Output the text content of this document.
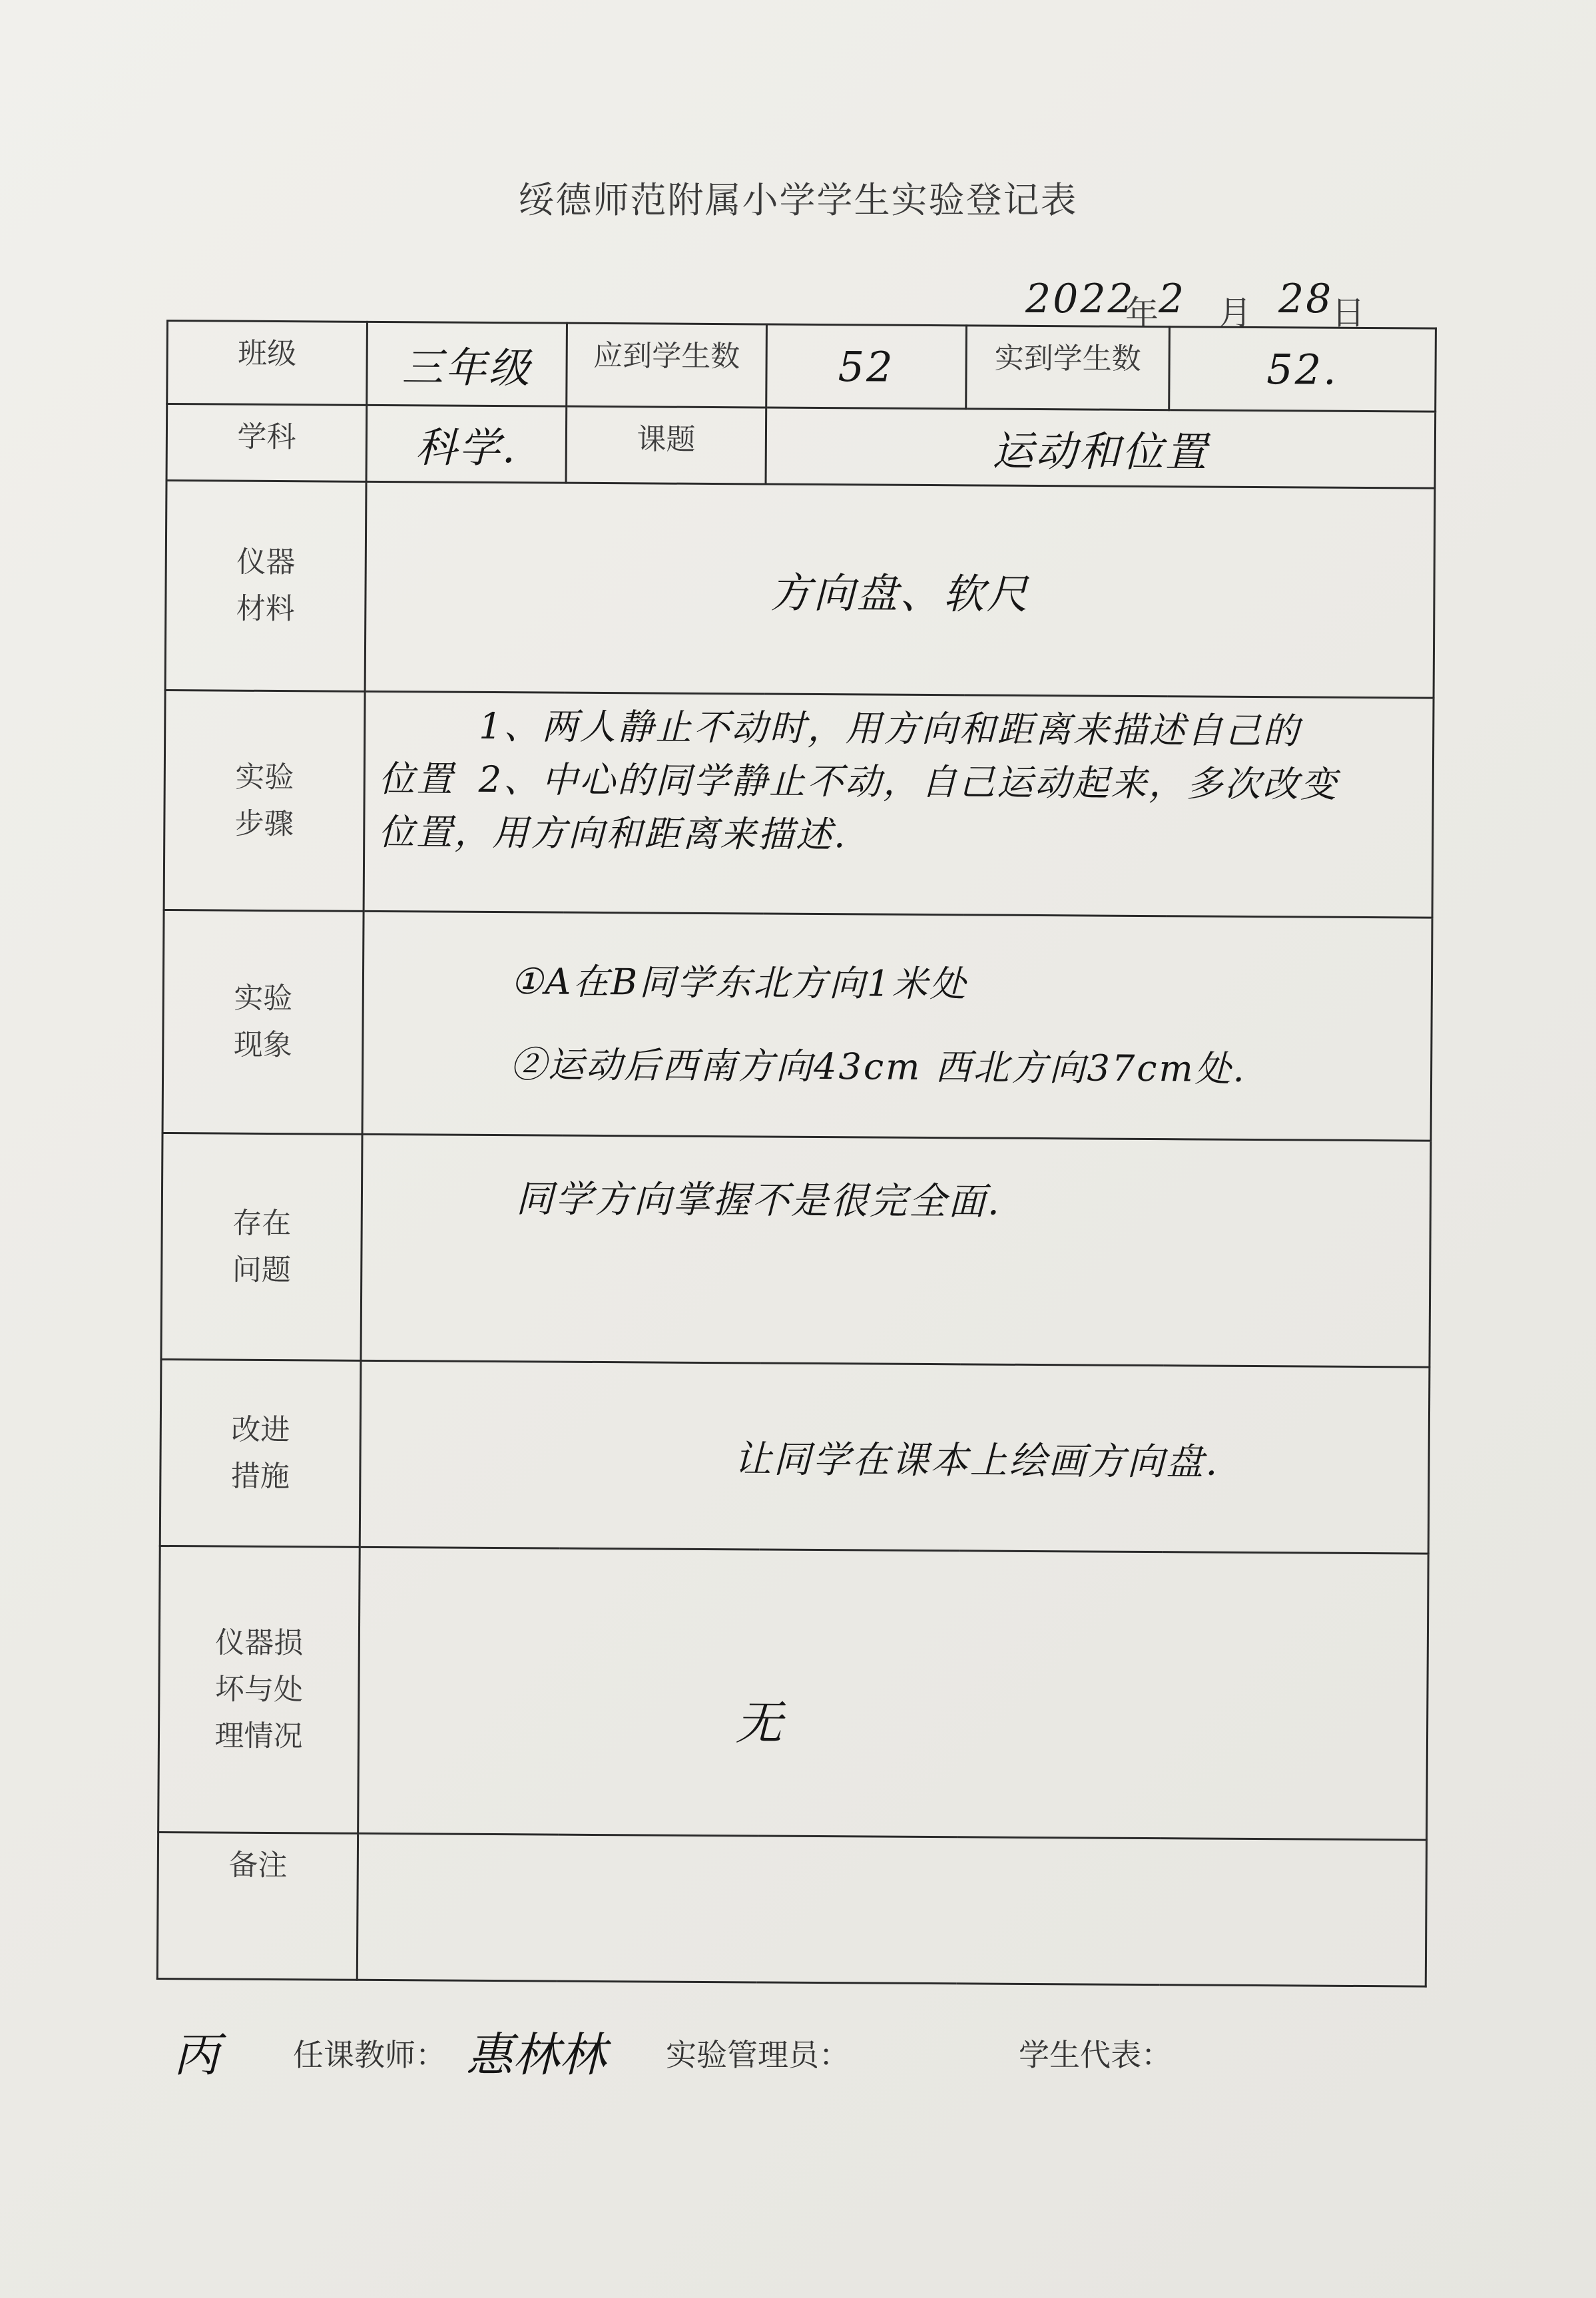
绥德师范附属小学学生实验登记表
2022
年 2 月 28
日
班级	三年级	应到学生数	52	实到学生数	52.
学科	科学.	课题	运动和位置		

仪器材料	方向盘、软尺				

实验步骤	1、两人静止不动时，用方向和距离来描述自己的
位置 2、中心的同学静止不动，自己运动起来，多次改变
位置，用方向和距离来描述.				

实验现象	①A在B同学东北方向1米处
②运动后西南方向43cm 西北方向37cm处.				

存在问题	同学方向掌握不是很完全面.				

改进措施	让同学在课本上绘画方向盘.				

仪器损坏与处理情况	无				
备注					
丙 任课教师： 惠林林 实验管理员：	学生代表：
